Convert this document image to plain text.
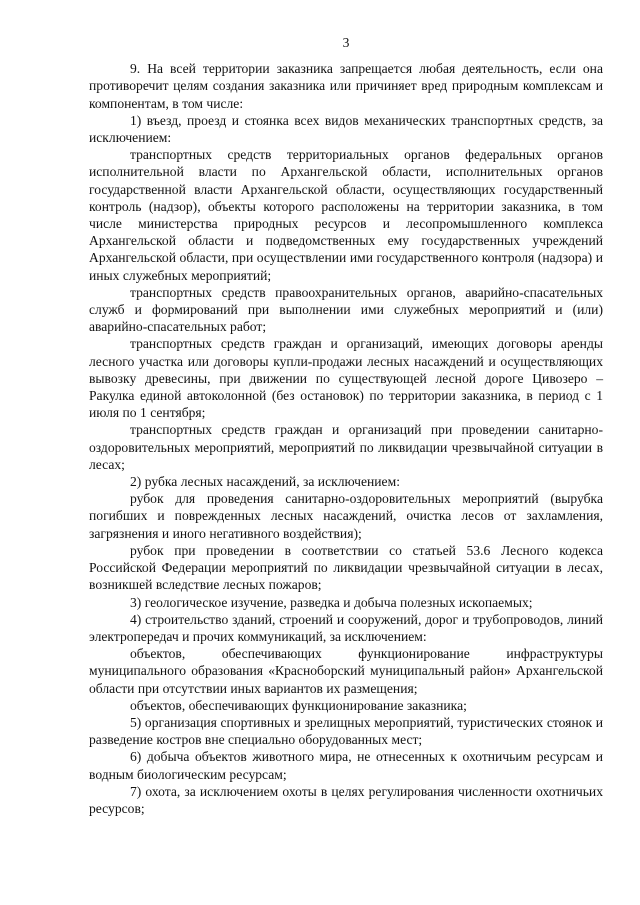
3

9. На всей территории заказника запрещается любая деятельность, если она противоречит целям создания заказника или причиняет вред природным комплексам и компонентам, в том числе:

1) въезд, проезд и стоянка всех видов механических транспортных средств, за исключением:

транспортных средств территориальных органов федеральных органов исполнительной власти по Архангельской области, исполнительных органов государственной власти Архангельской области, осуществляющих государственный контроль (надзор), объекты которого расположены на территории заказника, в том числе министерства природных ресурсов и лесопромышленного комплекса Архангельской области и подведомственных ему государственных учреждений Архангельской области, при осуществлении ими государственного контроля (надзора) и иных служебных мероприятий;

транспортных средств правоохранительных органов, аварийно-спасательных служб и формирований при выполнении ими служебных мероприятий и (или) аварийно-спасательных работ;

транспортных средств граждан и организаций, имеющих договоры аренды лесного участка или договоры купли-продажи лесных насаждений и осуществляющих вывозку древесины, при движении по существующей лесной дороге Цивозеро – Ракулка единой автоколонной (без остановок) по территории заказника, в период с 1 июля по 1 сентября;

транспортных средств граждан и организаций при проведении санитарно-оздоровительных мероприятий, мероприятий по ликвидации чрезвычайной ситуации в лесах;

2) рубка лесных насаждений, за исключением:

рубок для проведения санитарно-оздоровительных мероприятий (вырубка погибших и поврежденных лесных насаждений, очистка лесов от захламления, загрязнения и иного негативного воздействия);

рубок при проведении в соответствии со статьей 53.6 Лесного кодекса Российской Федерации мероприятий по ликвидации чрезвычайной ситуации в лесах, возникшей вследствие лесных пожаров;

3) геологическое изучение, разведка и добыча полезных ископаемых;

4) строительство зданий, строений и сооружений, дорог и трубопроводов, линий электропередач и прочих коммуникаций, за исключением:

объектов, обеспечивающих функционирование инфраструктуры муниципального образования «Красноборский муниципальный район» Архангельской области при отсутствии иных вариантов их размещения;

объектов, обеспечивающих функционирование заказника;

5) организация спортивных и зрелищных мероприятий, туристических стоянок и разведение костров вне специально оборудованных мест;

6) добыча объектов животного мира, не отнесенных к охотничьим ресурсам и водным биологическим ресурсам;

7) охота, за исключением охоты в целях регулирования численности охотничьих ресурсов;
